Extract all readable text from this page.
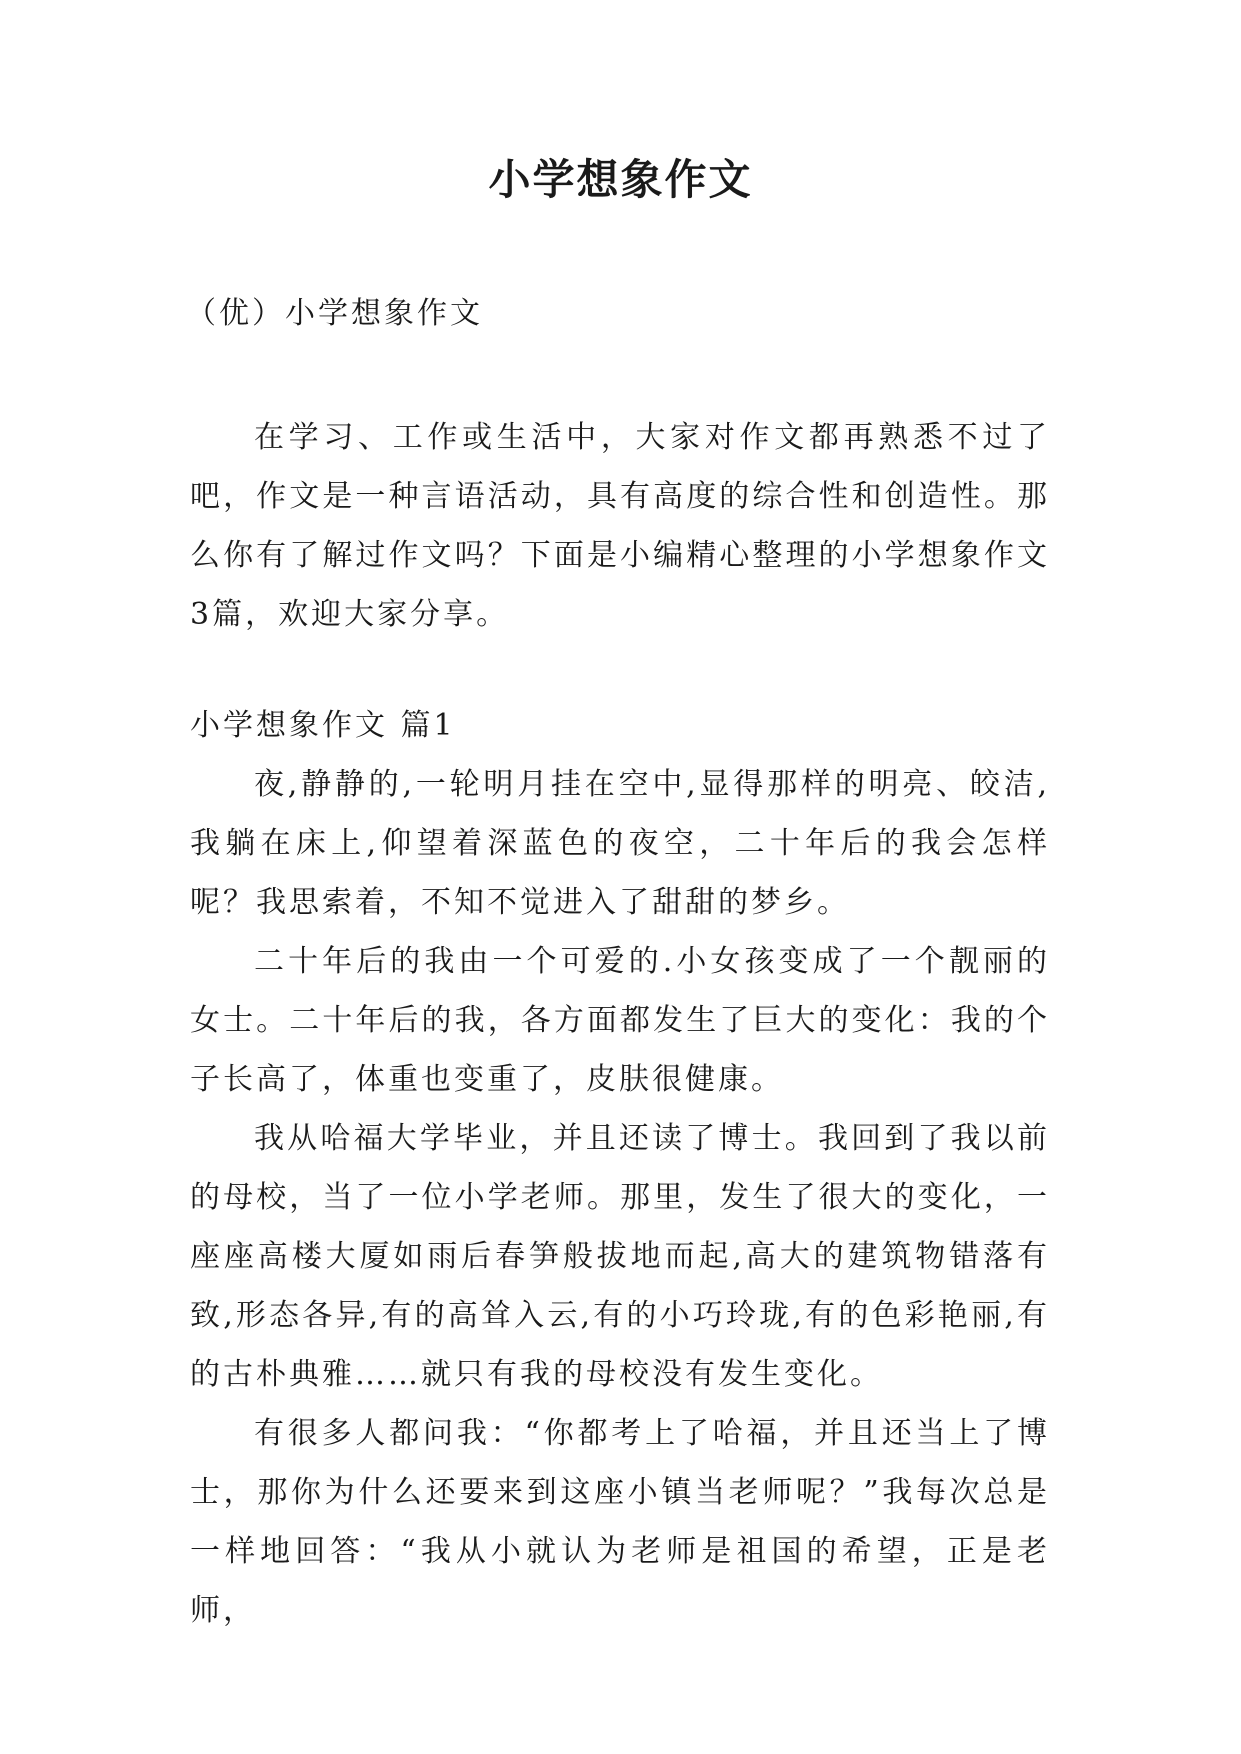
小学想象作文
（优）小学想象作文

在学习、工作或生活中，大家对作文都再熟悉不过了吧，作文是一种言语活动，具有高度的综合性和创造性。那么你有了解过作文吗？下面是小编精心整理的小学想象作文3篇，欢迎大家分享。

小学想象作文 篇1

夜,静静的,一轮明月挂在空中,显得那样的明亮、皎洁,我躺在床上,仰望着深蓝色的夜空，二十年后的我会怎样呢？我思索着，不知不觉进入了甜甜的梦乡。

二十年后的我由一个可爱的.小女孩变成了一个靓丽的女士。二十年后的我，各方面都发生了巨大的变化：我的个子长高了，体重也变重了，皮肤很健康。

我从哈福大学毕业，并且还读了博士。我回到了我以前的母校，当了一位小学老师。那里，发生了很大的变化，一座座高楼大厦如雨后春笋般拔地而起,高大的建筑物错落有致,形态各异,有的高耸入云,有的小巧玲珑,有的色彩艳丽,有的古朴典雅……就只有我的母校没有发生变化。

有很多人都问我：“你都考上了哈福，并且还当上了博士，那你为什么还要来到这座小镇当老师呢？”我每次总是一样地回答：“我从小就认为老师是祖国的希望，正是老师，
